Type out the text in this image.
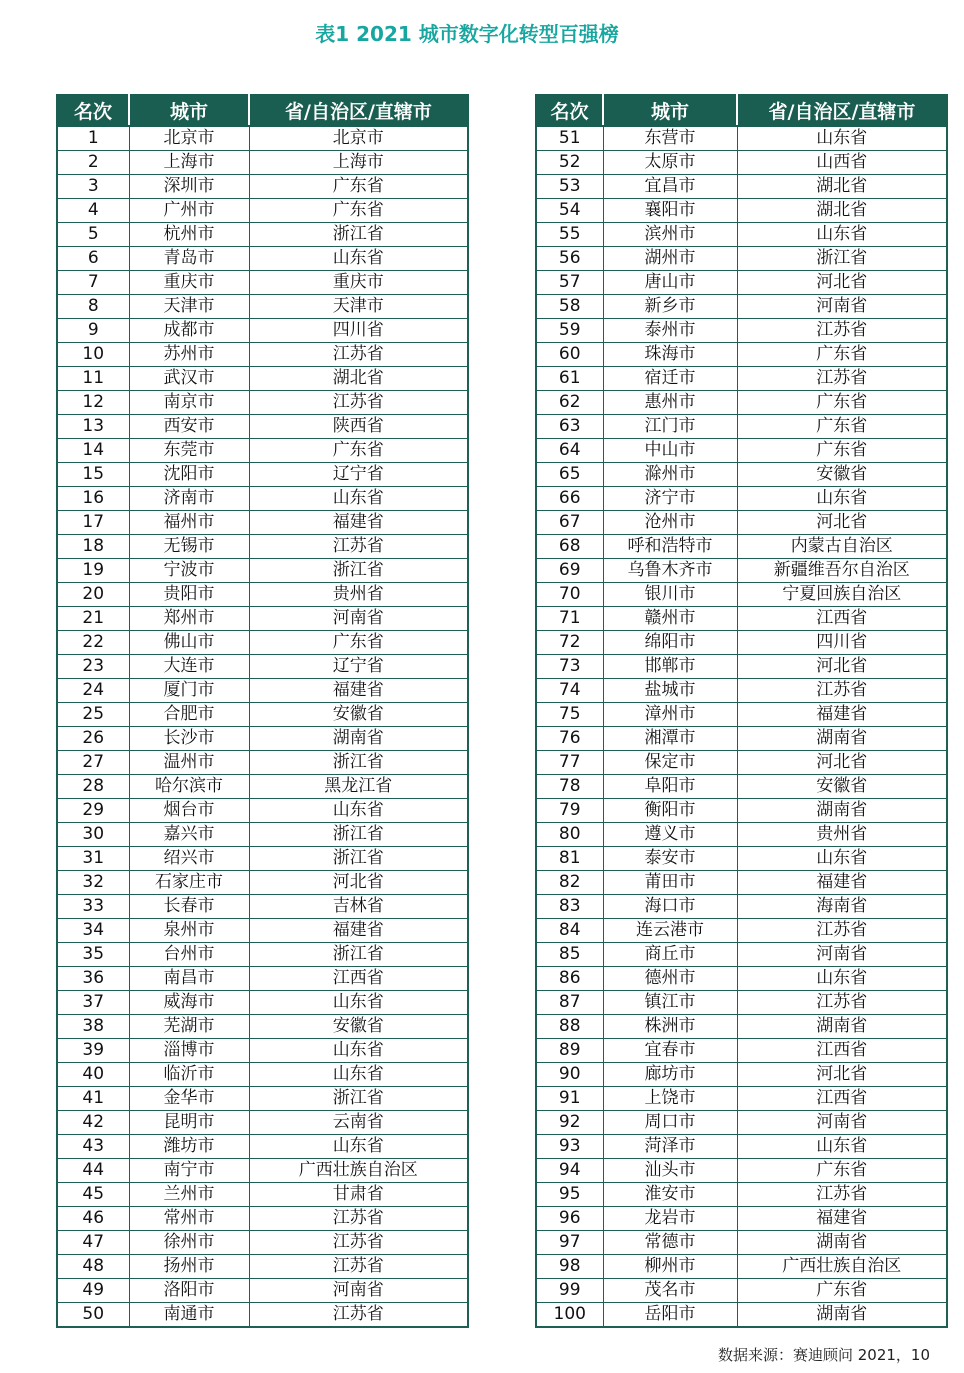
表1 2021 城市数字化转型百强榜
名次	城市	省/自治区/直辖市
1	北京市	北京市
2	上海市	上海市
3	深圳市	广东省
4	广州市	广东省
5	杭州市	浙江省
6	青岛市	山东省
7	重庆市	重庆市
8	天津市	天津市
9	成都市	四川省
10	苏州市	江苏省
11	武汉市	湖北省
12	南京市	江苏省
13	西安市	陕西省
14	东莞市	广东省
15	沈阳市	辽宁省
16	济南市	山东省
17	福州市	福建省
18	无锡市	江苏省
19	宁波市	浙江省
20	贵阳市	贵州省
21	郑州市	河南省
22	佛山市	广东省
23	大连市	辽宁省
24	厦门市	福建省
25	合肥市	安徽省
26	长沙市	湖南省
27	温州市	浙江省
28	哈尔滨市	黑龙江省
29	烟台市	山东省
30	嘉兴市	浙江省
31	绍兴市	浙江省
32	石家庄市	河北省
33	长春市	吉林省
34	泉州市	福建省
35	台州市	浙江省
36	南昌市	江西省
37	威海市	山东省
38	芜湖市	安徽省
39	淄博市	山东省
40	临沂市	山东省
41	金华市	浙江省
42	昆明市	云南省
43	潍坊市	山东省
44	南宁市	广西壮族自治区
45	兰州市	甘肃省
46	常州市	江苏省
47	徐州市	江苏省
48	扬州市	江苏省
49	洛阳市	河南省
50	南通市	江苏省
名次	城市	省/自治区/直辖市
51	东营市	山东省
52	太原市	山西省
53	宜昌市	湖北省
54	襄阳市	湖北省
55	滨州市	山东省
56	湖州市	浙江省
57	唐山市	河北省
58	新乡市	河南省
59	泰州市	江苏省
60	珠海市	广东省
61	宿迁市	江苏省
62	惠州市	广东省
63	江门市	广东省
64	中山市	广东省
65	滁州市	安徽省
66	济宁市	山东省
67	沧州市	河北省
68	呼和浩特市	内蒙古自治区
69	乌鲁木齐市	新疆维吾尔自治区
70	银川市	宁夏回族自治区
71	赣州市	江西省
72	绵阳市	四川省
73	邯郸市	河北省
74	盐城市	江苏省
75	漳州市	福建省
76	湘潭市	湖南省
77	保定市	河北省
78	阜阳市	安徽省
79	衡阳市	湖南省
80	遵义市	贵州省
81	泰安市	山东省
82	莆田市	福建省
83	海口市	海南省
84	连云港市	江苏省
85	商丘市	河南省
86	德州市	山东省
87	镇江市	江苏省
88	株洲市	湖南省
89	宜春市	江西省
90	廊坊市	河北省
91	上饶市	江西省
92	周口市	河南省
93	菏泽市	山东省
94	汕头市	广东省
95	淮安市	江苏省
96	龙岩市	福建省
97	常德市	湖南省
98	柳州市	广西壮族自治区
99	茂名市	广东省
100	岳阳市	湖南省
数据来源：赛迪顾问 2021，10
